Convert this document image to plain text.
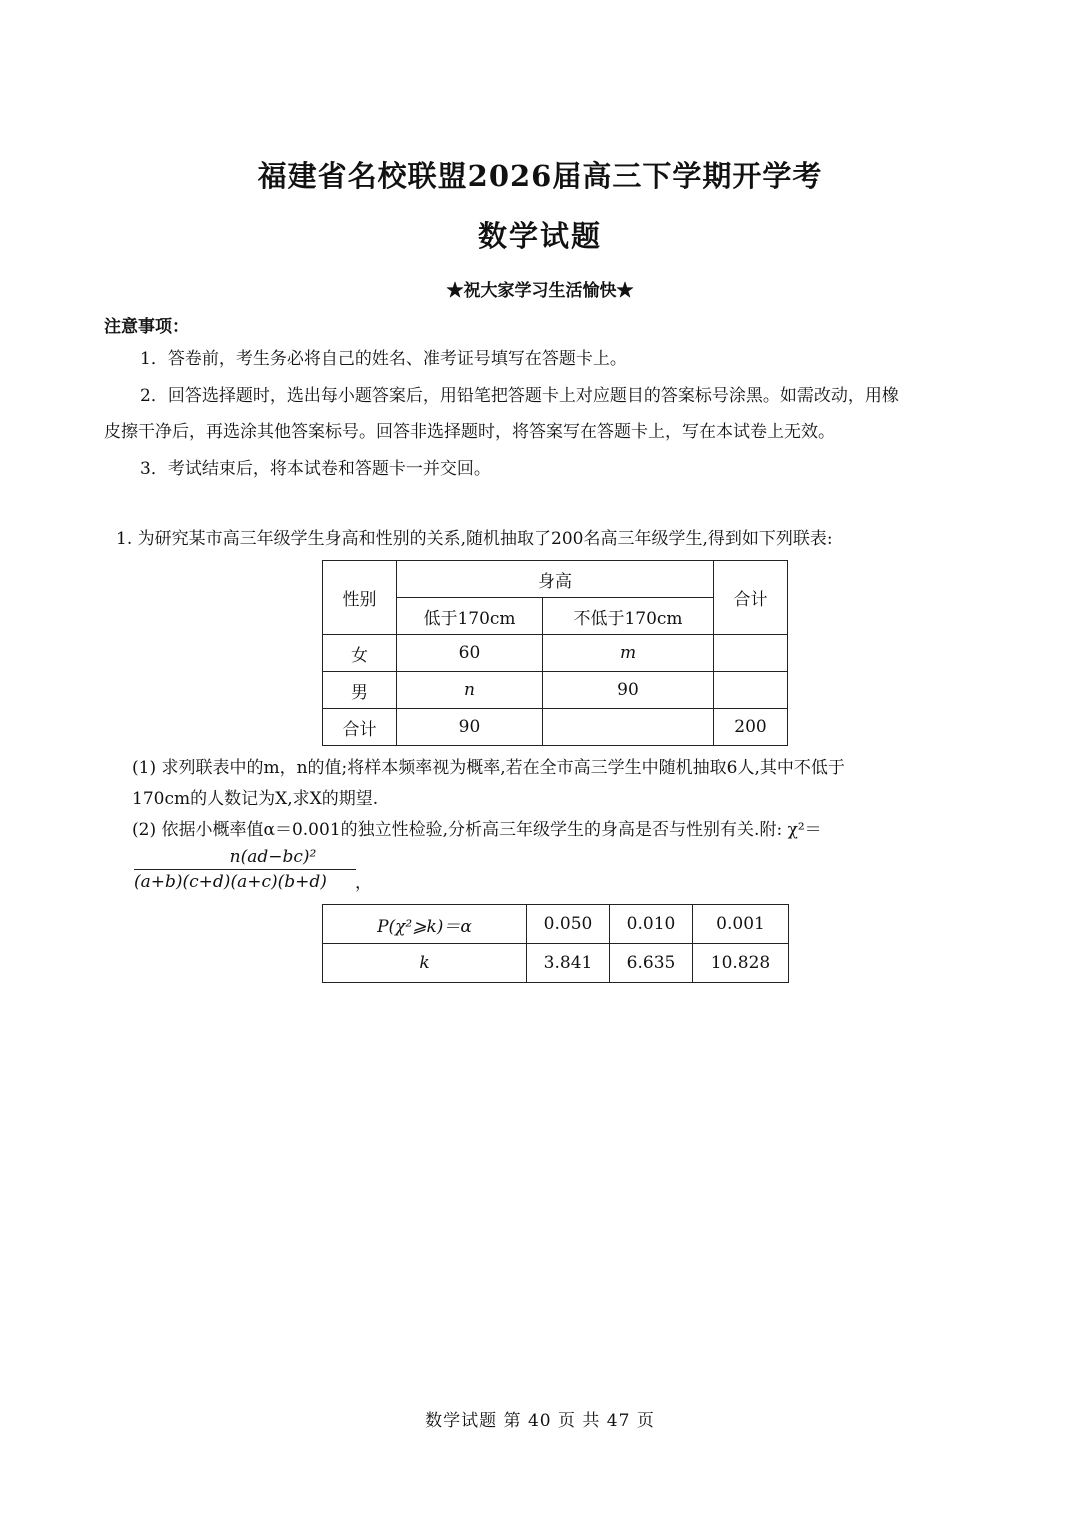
福建省名校联盟2026届高三下学期开学考
数学试题
★祝大家学习生活愉快★
注意事项：
1．答卷前，考生务必将自己的姓名、准考证号填写在答题卡上。
2．回答选择题时，选出每小题答案后，用铅笔把答题卡上对应题目的答案标号涂黑。如需改动，用橡
皮擦干净后，再选涂其他答案标号。回答非选择题时，将答案写在答题卡上，写在本试卷上无效。
3．考试结束后，将本试卷和答题卡一并交回。
1. 为研究某市高三年级学生身高和性别的关系,随机抽取了200名高三年级学生,得到如下列联表:
性别	身高		合计
	低于170cm	不低于170cm	
女	60	m	
男	n	90	
合计	90		200
(1) 求列联表中的m，n的值;将样本频率视为概率,若在全市高三学生中随机抽取6人,其中不低于
170cm的人数记为X,求X的期望.
(2) 依据小概率值α＝0.001的独立性检验,分析高三年级学生的身高是否与性别有关.附: χ²＝
n(ad−bc)²
(a+b)(c+d)(a+c)(b+d)	，
P(χ²⩾k)＝α	0.050	0.010	0.001
k	3.841	6.635	10.828
数学试题 第 40 页 共 47 页
